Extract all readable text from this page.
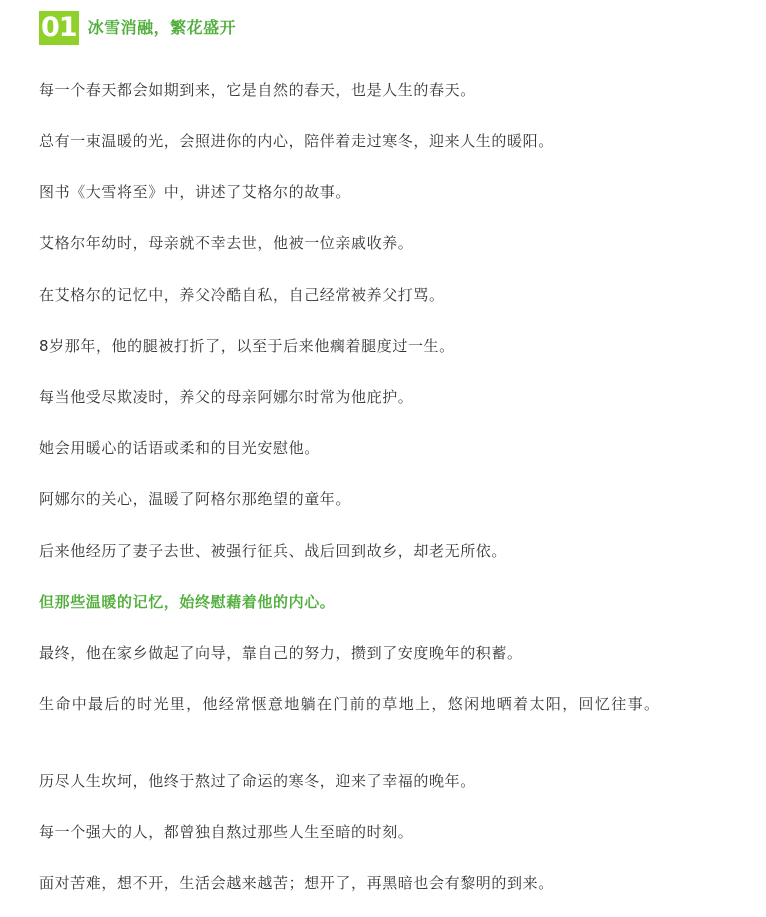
01 冰雪消融，繁花盛开

每一个春天都会如期到来，它是自然的春天，也是人生的春天。

总有一束温暖的光，会照进你的内心，陪伴着走过寒冬，迎来人生的暖阳。

图书《大雪将至》中，讲述了艾格尔的故事。

艾格尔年幼时，母亲就不幸去世，他被一位亲戚收养。

在艾格尔的记忆中，养父冷酷自私，自己经常被养父打骂。

8岁那年，他的腿被打折了，以至于后来他瘸着腿度过一生。

每当他受尽欺凌时，养父的母亲阿娜尔时常为他庇护。

她会用暖心的话语或柔和的目光安慰他。

阿娜尔的关心，温暖了阿格尔那绝望的童年。

后来他经历了妻子去世、被强行征兵、战后回到故乡，却老无所依。

但那些温暖的记忆，始终慰藉着他的内心。

最终，他在家乡做起了向导，靠自己的努力，攒到了安度晚年的积蓄。

生命中最后的时光里，他经常惬意地躺在门前的草地上，悠闲地晒着太阳，回忆往事。

历尽人生坎坷，他终于熬过了命运的寒冬，迎来了幸福的晚年。

每一个强大的人，都曾独自熬过那些人生至暗的时刻。

面对苦难，想不开，生活会越来越苦；想开了，再黑暗也会有黎明的到来。
